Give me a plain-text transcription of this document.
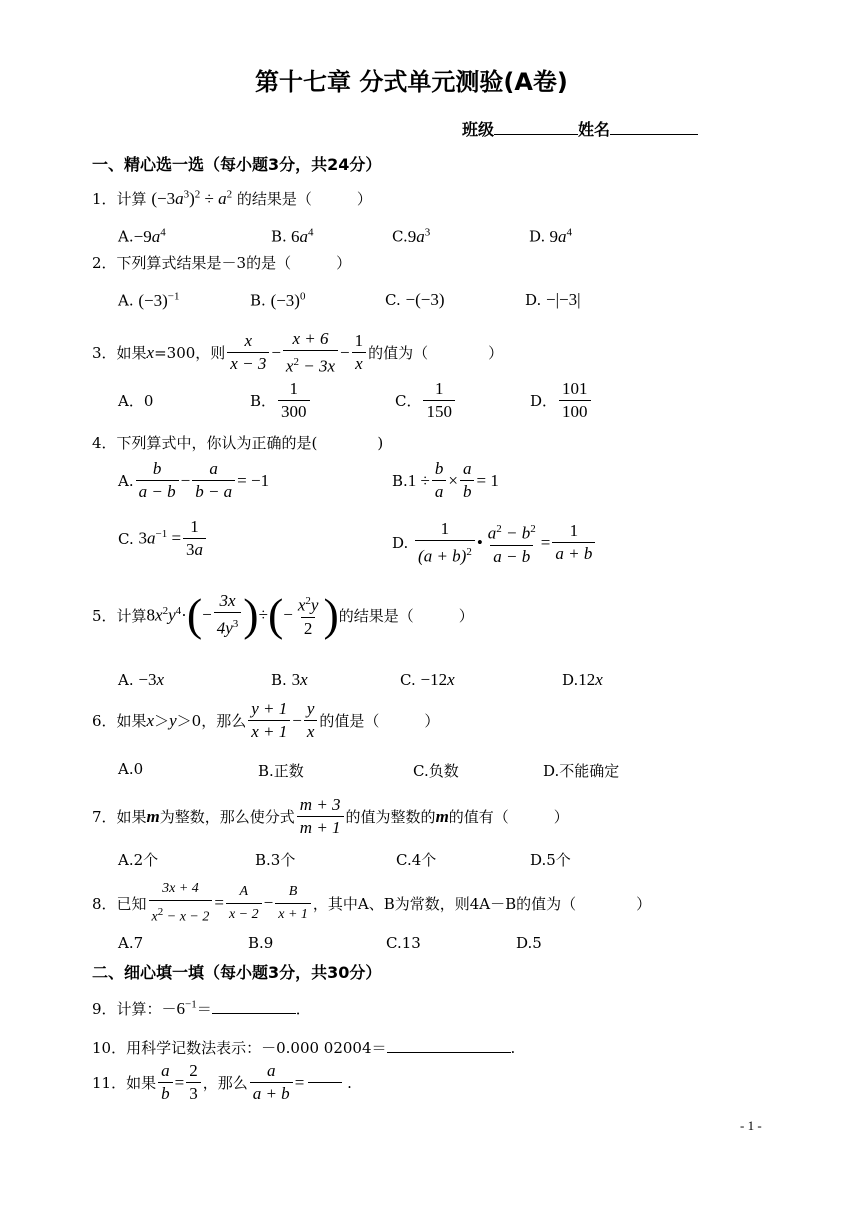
第十七章 分式单元测验(A卷)
班级	姓名
一、精心选一选（每小题3分，共24分）
1．计算 $(-3a^3)^2 \div a^2$ 的结果是（　　　）
$A.-9a^4$	B. $6a^4$	$C.9a^3$	D. $9a^4$
2．下列算式结果是－3的是（　　　）
A. $(-3)^{-1}$	B. $(-3)^0$	C. −(−3)	D. −|−3|
3．如果 x =300，则 $\frac{x}{x - 3} - \frac{x + 6}{x^2 - 3x} - \frac{1}{x}$ 的值为（　　　　）
A．0	B． $\frac{1}{300}$	C． $\frac{1}{150}$	D． $\frac{101}{100}$
4．下列算式中，你认为正确的是(　　　　)
A. $\frac{b}{a - b} - \frac{a}{b - a} = -1$	B. $1 \div \frac{b}{a} \times \frac{a}{b} = 1$
C. $3a^{-1} = \frac{1}{3a}$	D. $\frac{1}{(a + b)^2}$ • $\frac{a^2 - b^2}{a - b} = \frac{1}{a + b}$
5．计算 $8x^2y^4\cdot$ ( − $\frac{3x}{4y^3}$ ) ÷ ( − $\frac{x^2y}{2}$ ) 的结果是（　　　）
A. −3x	B. 3x	C. −12x	D.12x
6．如果 x ＞ y ＞0，那么 $\frac{y + 1}{x + 1} - \frac{y}{x}$ 的值是（　　　）
A.0	B.正数	C.负数	D.不能确定
7．如果 m 为整数，那么使分式 $\frac{m + 3}{m + 1}$ 的值为整数的 m 的值有（　　　）
A.2个	B.3个	C.4个	D.5个
8．已知 $\frac{3x + 4}{x^2 - x - 2} = \frac{A}{x - 2} - \frac{B}{x + 1}$ ，其中A、B为常数，则4A－B的值为（　　　　）
A.7	B.9	C.13	D.5
二、细心填一填（每小题3分，共30分）
9．计算：$-6^{-1}=$	．
10．用科学记数法表示：－0.000 02004＝	.
11．如果 $\frac{a}{b} = \frac{2}{3}$ ，那么 $\frac{a}{a + b}$ =
	.
- 1 -
